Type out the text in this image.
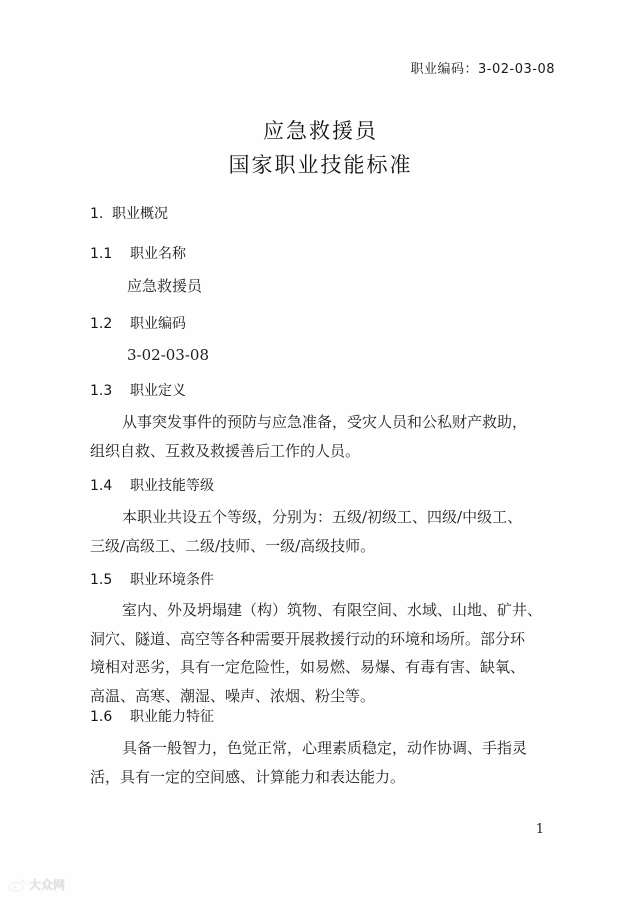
职业编码：3-02-03-08
应急救援员
国家职业技能标准
1. 职业概况
1.1 职业名称
应急救援员
1.2 职业编码
3-02-03-08
1.3 职业定义
从事突发事件的预防与应急准备，受灾人员和公私财产救助，
组织自救、互救及救援善后工作的人员。
1.4 职业技能等级
本职业共设五个等级，分别为：五级/初级工、四级/中级工、
三级/高级工、二级/技师、一级/高级技师。
1.5 职业环境条件
室内、外及坍塌建（构）筑物、有限空间、水域、山地、矿井、
洞穴、隧道、高空等各种需要开展救援行动的环境和场所。部分环
境相对恶劣，具有一定危险性，如易燃、易爆、有毒有害、缺氧、
高温、高寒、潮湿、噪声、浓烟、粉尘等。
1.6 职业能力特征
具备一般智力，色觉正常，心理素质稳定，动作协调、手指灵
活，具有一定的空间感、计算能力和表达能力。
1
大众网
